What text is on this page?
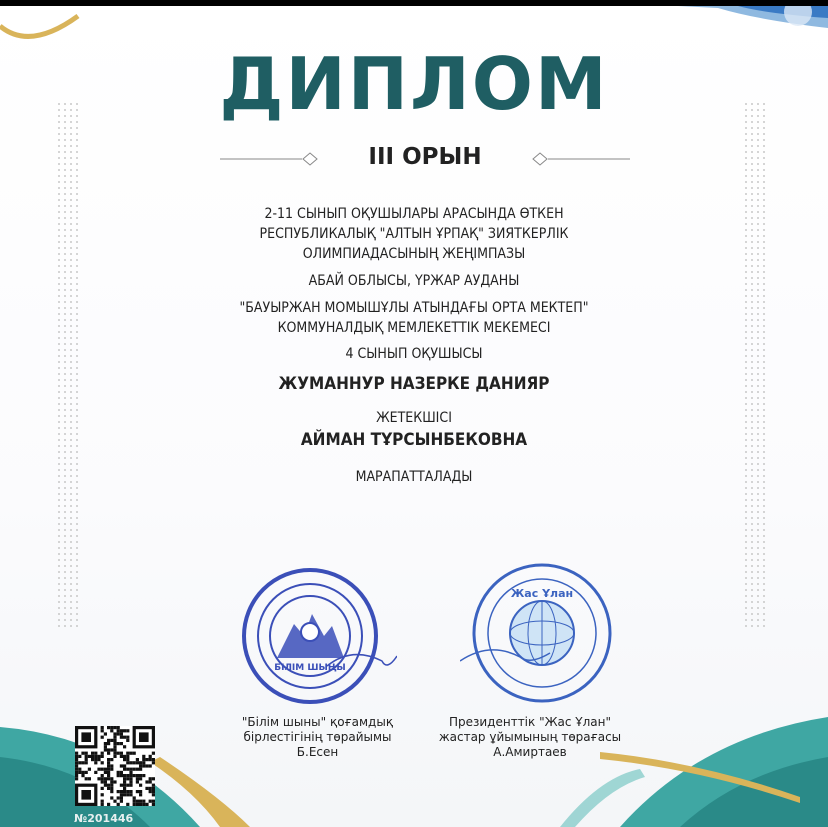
ДИПЛОМ
III ОРЫН
2-11 СЫНЫП ОҚУШЫЛАРЫ АРАСЫНДА ӨТКЕН
РЕСПУБЛИКАЛЫҚ "АЛТЫН ҰРПАҚ" ЗИЯТКЕРЛІК
ОЛИМПИАДАСЫНЫҢ ЖЕҢІМПАЗЫ
АБАЙ ОБЛЫСЫ, ҮРЖАР АУДАНЫ
"БАУЫРЖАН МОМЫШҰЛЫ АТЫНДАҒЫ ОРТА МЕКТЕП"
КОММУНАЛДЫҚ МЕМЛЕКЕТТІК МЕКЕМЕСІ
4 СЫНЫП ОҚУШЫСЫ
ЖУМАННУР НАЗЕРКЕ ДАНИЯР
ЖЕТЕКШІСІ
АЙМАН ТҰРСЫНБЕКОВНА
МАРАПАТТАЛАДЫ
БІЛІМ ШЫҢЫ
Жас Ұлан
"Білім шыны" қоғамдық
бірлестігінің төрайымы
Б.Есен
Президенттік "Жас Ұлан"
жастар ұйымының төрағасы
А.Амиртаев
№201446
